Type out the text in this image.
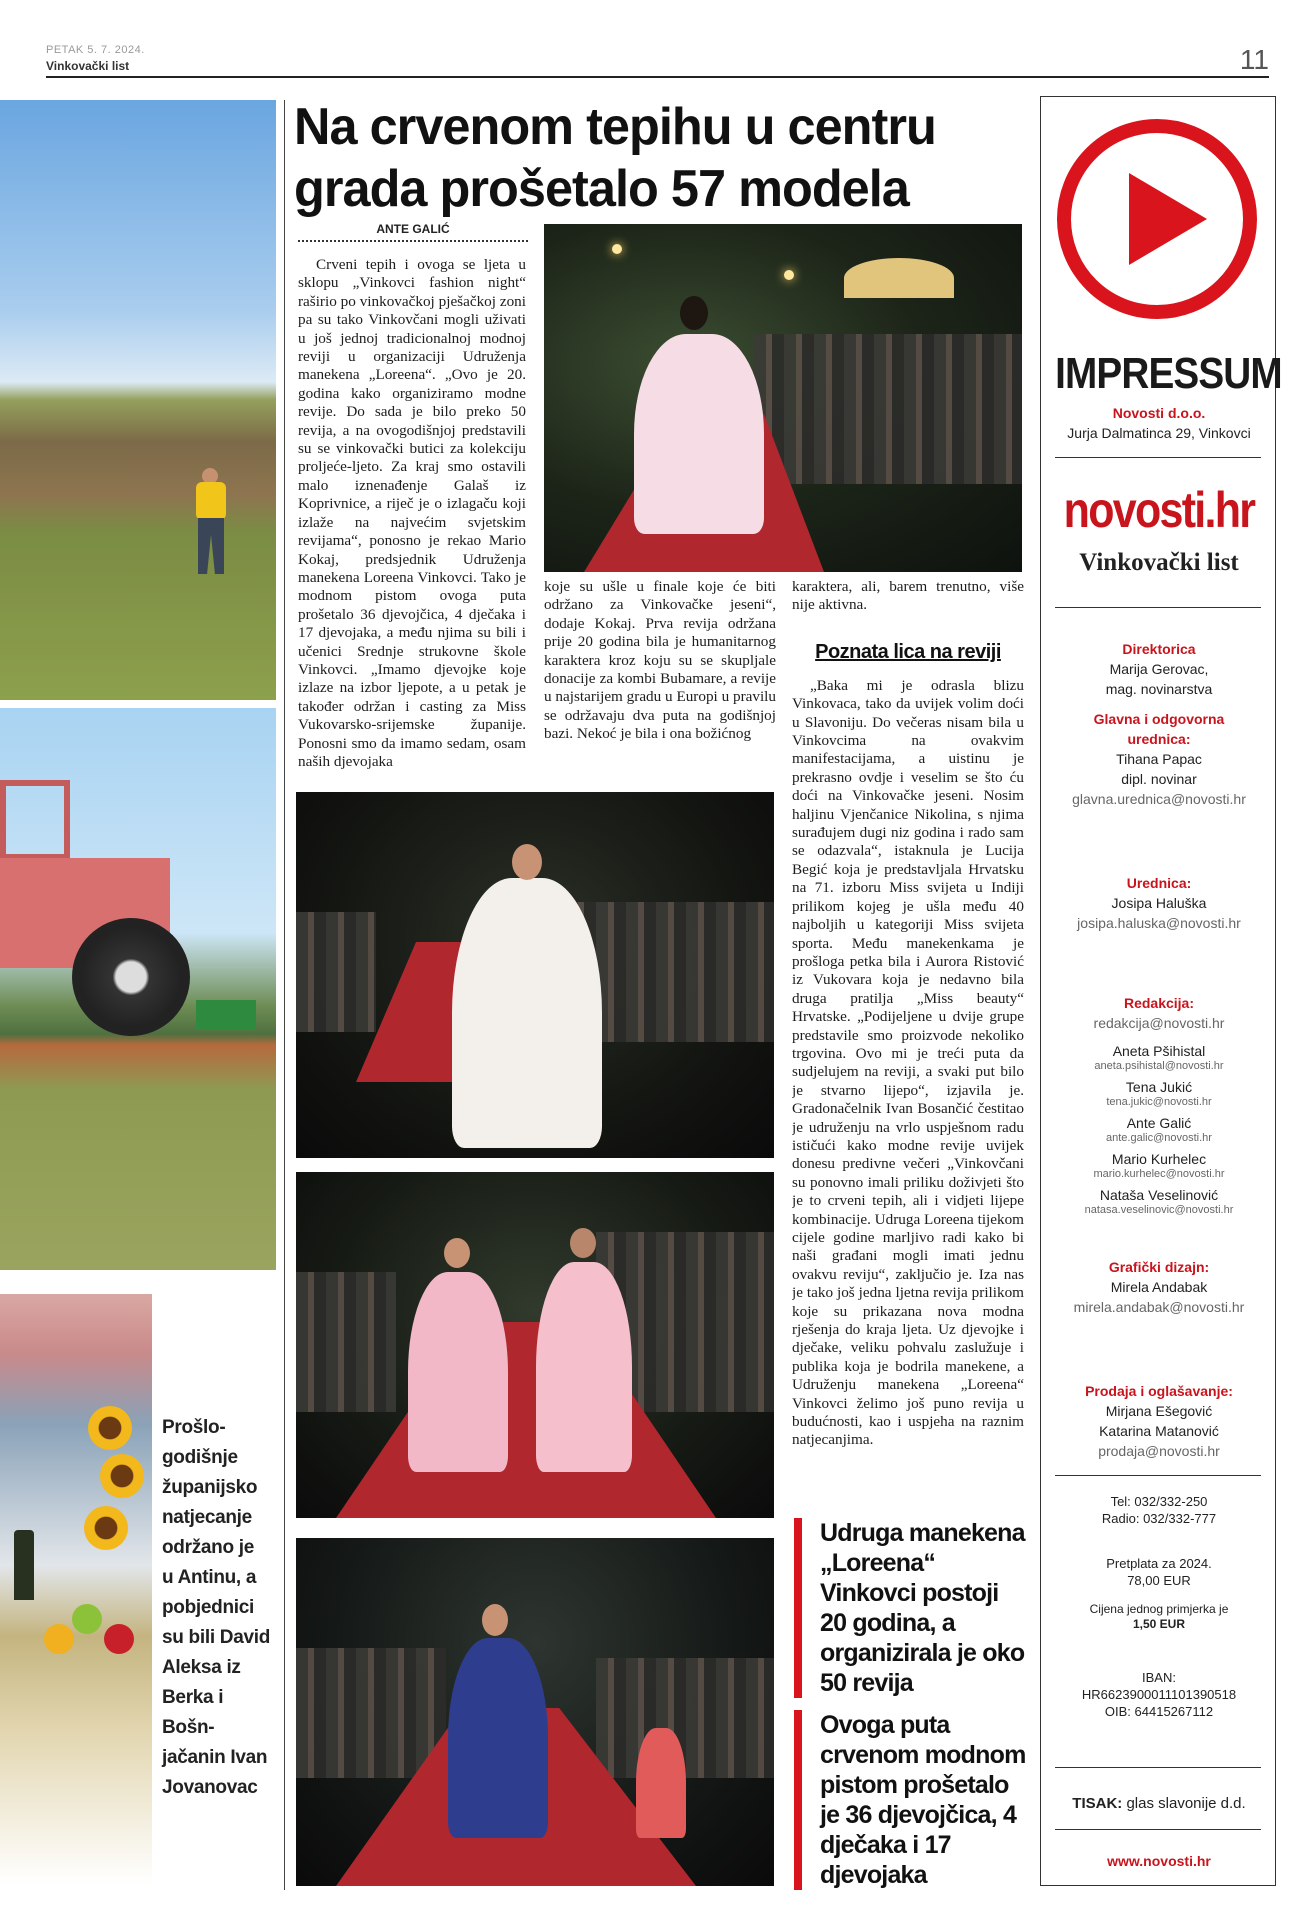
PETAK 5. 7. 2024.
Vinkovački list	11
Prošlo-
godišnje
županijsko
natjecanje
održano je
u Antinu, a
pobjednici
su bili David
Aleksa iz
Berka i Bošn-
jačanin Ivan
Jovanovac
Na crvenom tepihu u centru grada prošetalo 57 modela
ANTE GALIĆ

Crveni tepih i ovoga se ljeta u sklopu „Vinkovci fashion night“ raširio po vinkovačkoj pješačkoj zoni pa su tako Vinkovčani mogli uživati u još jednoj tradicionalnoj modnoj reviji u organizaciji Udruženja manekena „Loreena“. „Ovo je 20. godina kako organiziramo modne revije. Do sada je bilo preko 50 revija, a na ovogodišnjoj predstavili su se vinkovački butici za kolekciju proljeće-ljeto. Za kraj smo ostavili malo iznenađenje Galaš iz Koprivnice, a riječ je o izlagaču koji izlaže na najvećim svjetskim revijama“, ponosno je rekao Mario Kokaj, predsjednik Udruženja manekena Loreena Vinkovci. Tako je modnom pistom ovoga puta prošetalo 36 djevojčica, 4 dječaka i 17 djevojaka, a među njima su bili i učenici Srednje strukovne škole Vinkovci. „Imamo djevojke koje izlaze na izbor ljepote, a u petak je također održan i casting za Miss Vukovarsko-srijemske županije. Ponosni smo da imamo sedam, osam naših djevojaka

koje su ušle u finale koje će biti održano za Vinkovačke jeseni“, dodaje Kokaj. Prva revija održana prije 20 godina bila je humanitarnog karaktera kroz koju su se skupljale donacije za kombi Bubamare, a revije u najstarijem gradu u Europi u pravilu se održavaju dva puta na godišnjoj bazi. Nekoć je bila i ona božićnog
karaktera, ali, barem trenutno, više nije aktivna.

„Baka mi je odrasla blizu Vinkovaca, tako da uvijek volim doći u Slavoniju. Do večeras nisam bila u Vinkovcima na ovakvim manifestacijama, a uistinu je prekrasno ovdje i veselim se što ću doći na Vinkovačke jeseni. Nosim haljinu Vjenčanice Nikolina, s njima surađujem dugi niz godina i rado sam se odazvala“, istaknula je Lucija Begić koja je predstavljala Hrvatsku na 71. izboru Miss svijeta u Indiji prilikom kojeg je ušla među 40 najboljih u kategoriji Miss svijeta sporta. Među manekenkama je prošloga petka bila i Aurora Ristović iz Vukovara koja je nedavno bila druga pratilja „Miss beauty“ Hrvatske. „Podijeljene u dvije grupe predstavile smo proizvode nekoliko trgovina. Ovo mi je treći puta da sudjelujem na reviji, a svaki put bilo je stvarno lijepo“, izjavila je. Gradonačelnik Ivan Bosančić čestitao je udruženju na vrlo uspješnom radu ističući kako modne revije uvijek donesu predivne večeri „Vinkovčani su ponovno imali priliku doživjeti što je to crveni tepih, ali i vidjeti lijepe kombinacije. Udruga Loreena tijekom cijele godine marljivo radi kako bi naši građani mogli imati jednu ovakvu reviju“, zaključio je. Iza nas je tako još jedna ljetna revija prilikom koje su prikazana nova modna rješenja do kraja ljeta. Uz djevojke i dječake, veliku pohvalu zaslužuje i publika koja je bodrila manekene, a Udruženju manekena „Loreena“ Vinkovci želimo još puno revija u budućnosti, kao i uspjeha na raznim natjecanjima.

Poznata lica na reviji
Udruga manekena „Loreena“ Vinkovci postoji 20 godina, a organizirala je oko 50 revija
Ovoga puta crvenom modnom pistom prošetalo je 36 djevojčica, 4 dječaka i 17 djevojaka
IMPRESSUM
Novosti d.o.o.
Jurja Dalmatinca 29, Vinkovci
novosti.hr
Vinkovački list
Direktorica
Marija Gerovac,
mag. novinarstva
Glavna i odgovorna urednica:
Tihana Papac
dipl. novinar
glavna.urednica@novosti.hr
Urednica:
Josipa Haluška
josipa.haluska@novosti.hr
Redakcija:
redakcija@novosti.hr
Aneta Pšihistal
aneta.psihistal@novosti.hr
Tena Jukić
tena.jukic@novosti.hr
Ante Galić
ante.galic@novosti.hr
Mario Kurhelec
mario.kurhelec@novosti.hr
Nataša Veselinović
natasa.veselinovic@novosti.hr
Grafički dizajn:
Mirela Andabak
mirela.andabak@novosti.hr
Prodaja i oglašavanje:
Mirjana Ešegović
Katarina Matanović
prodaja@novosti.hr
Tel: 032/332-250
Radio: 032/332-777
Pretplata za 2024.
78,00 EUR
Cijena jednog primjerka je
1,50 EUR
IBAN:
HR6623900011101390518
OIB: 64415267112
TISAK: glas slavonije d.d.
www.novosti.hr
